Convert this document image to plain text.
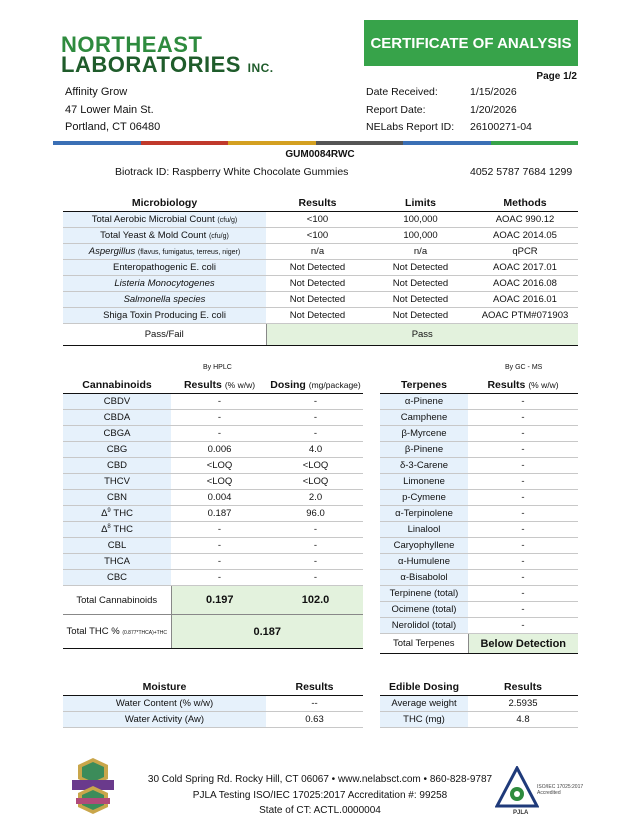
NORTHEAST
LABORATORIES INC.
CERTIFICATE OF ANALYSIS
Page 1/2
Affinity Grow
47 Lower Main St.
Portland, CT 06480
Date Received:	1/15/2026
Report Date:	1/20/2026
NELabs Report ID: 26100271-04
GUM0084RWC
Biotrack ID: Raspberry White Chocolate Gummies	4052 5787 7684 1299
Microbiology	Results	Limits	Methods
Total Aerobic Microbial Count (cfu/g)	<100	100,000	AOAC 990.12
Total Yeast & Mold Count (cfu/g)	<100	100,000	AOAC 2014.05
Aspergillus (flavus, fumigatus, terreus, niger)	n/a	n/a	qPCR
Enteropathogenic E. coli	Not Detected	Not Detected	AOAC 2017.01
Listeria Monocytogenes	Not Detected	Not Detected	AOAC 2016.08
Salmonella species	Not Detected	Not Detected	AOAC 2016.01
Shiga Toxin Producing E. coli	Not Detected	Not Detected	AOAC PTM#071903
Pass/Fail	Pass		
By HPLC	By GC - MS
Cannabinoids	Results (% w/w)	Dosing (mg/package)
CBDV	-	-
CBDA	-	-
CBGA	-	-
CBG	0.006	4.0
CBD	<LOQ	<LOQ
THCV	<LOQ	<LOQ
CBN	0.004	2.0
$\Delta^9$ THC	0.187	96.0
$\Delta^8$ THC	-	-
CBL	-	-
THCA	-	-
CBC	-	-
Total Cannabinoids	0.197	102.0
Total THC % (0.877*THCA)+THC	0.187	
Terpenes	Results (% w/w)
α-Pinene	-
Camphene	-
β-Myrcene	-
β-Pinene	-
δ-3-Carene	-
Limonene	-
p-Cymene	-
α-Terpinolene	-
Linalool	-
Caryophyllene	-
α-Humulene	-
α-Bisabolol	-
Terpinene (total)	-
Ocimene (total)	-
Nerolidol (total)	-
Total Terpenes	Below Detection
Moisture	Results
Water Content (% w/w)	--
Water Activity (Aw)	0.63
Edible Dosing	Results
Average weight	2.5935
THC (mg)	4.8
30 Cold Spring Rd. Rocky Hill, CT 06067 • www.nelabsct.com • 860-828-9787
PJLA Testing ISO/IEC 17025:2017 Accreditation #: 99258
State of CT: ACTL.0000004
ISO/IEC 17025:2017 Accredited
PJLA
